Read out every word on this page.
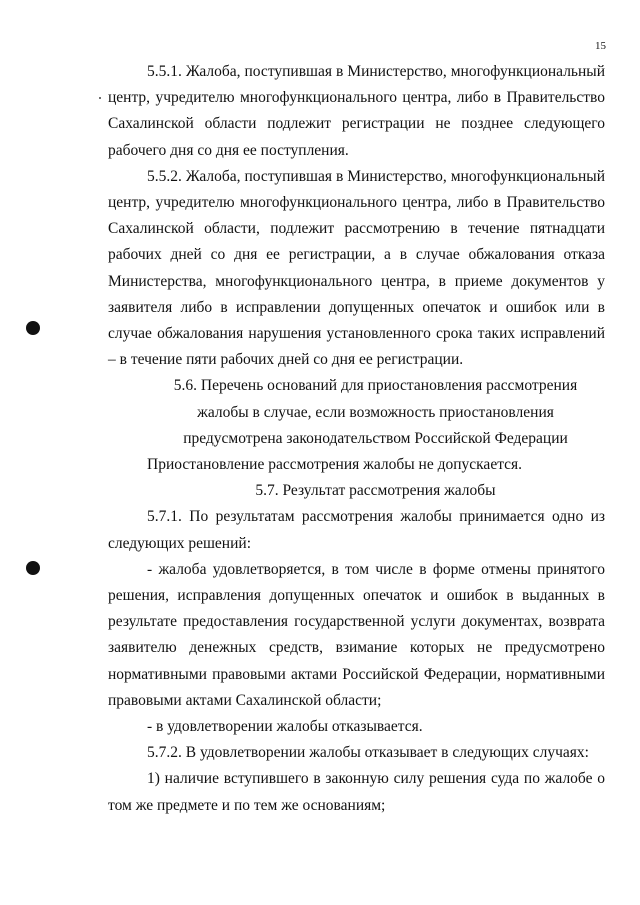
15

5.5.1. Жалоба, поступившая в Министерство, многофункциональный центр, учредителю многофункционального центра, либо в Правительство Сахалинской области подлежит регистрации не позднее следующего рабочего дня со дня ее поступления.

5.5.2. Жалоба, поступившая в Министерство, многофункциональный центр, учредителю многофункционального центра, либо в Правительство Сахалинской области, подлежит рассмотрению в течение пятнадцати рабочих дней со дня ее регистрации, а в случае обжалования отказа Министерства, многофункционального центра, в приеме документов у заявителя либо в исправлении допущенных опечаток и ошибок или в случае обжалования нарушения установленного срока таких исправлений – в течение пяти рабочих дней со дня ее регистрации.

5.6. Перечень оснований для приостановления рассмотрения
жалобы в случае, если возможность приостановления
предусмотрена законодательством Российской Федерации

Приостановление рассмотрения жалобы не допускается.

5.7. Результат рассмотрения жалобы

5.7.1. По результатам рассмотрения жалобы принимается одно из следующих решений:

- жалоба удовлетворяется, в том числе в форме отмены принятого решения, исправления допущенных опечаток и ошибок в выданных в результате предоставления государственной услуги документах, возврата заявителю денежных средств, взимание которых не предусмотрено нормативными правовыми актами Российской Федерации, нормативными правовыми актами Сахалинской области;

- в удовлетворении жалобы отказывается.

5.7.2. В удовлетворении жалобы отказывает в следующих случаях:

1) наличие вступившего в законную силу решения суда по жалобе о том же предмете и по тем же основаниям;
